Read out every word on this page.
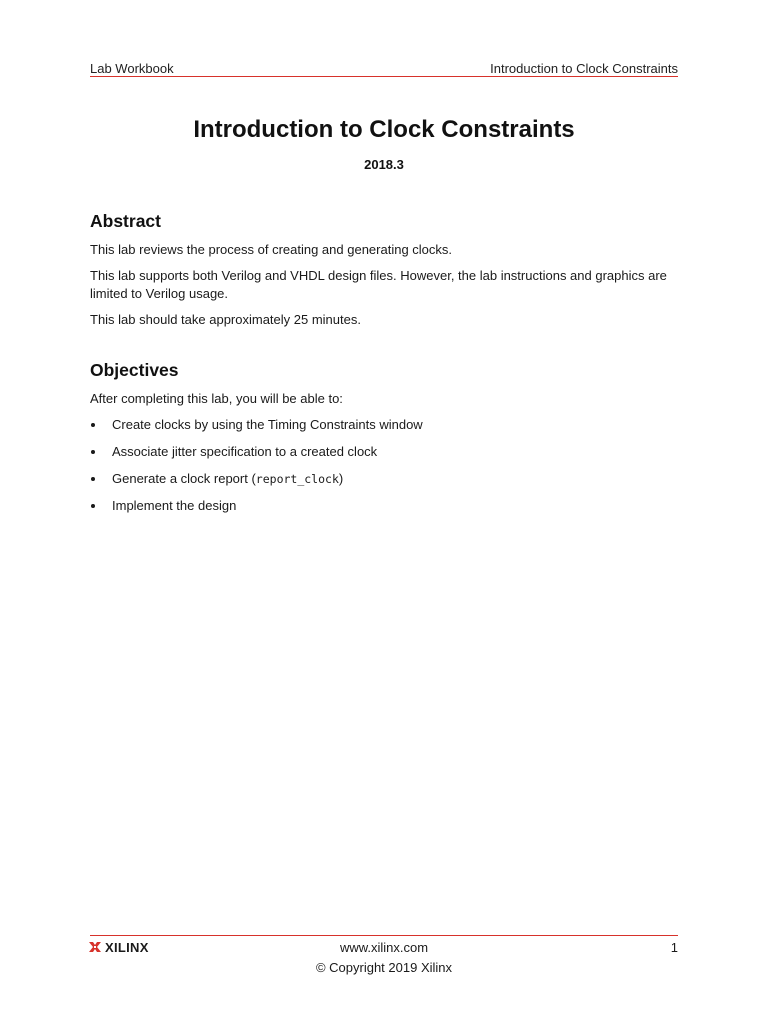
Lab Workbook	Introduction to Clock Constraints
Introduction to Clock Constraints
2018.3
Abstract

This lab reviews the process of creating and generating clocks.

This lab supports both Verilog and VHDL design files. However, the lab instructions and graphics are limited to Verilog usage.

This lab should take approximately 25 minutes.

Objectives

After completing this lab, you will be able to:

Create clocks by using the Timing Constraints window
Associate jitter specification to a created clock
Generate a clock report (report_clock)
Implement the design
XILINX	www.xilinx.com	1
© Copyright 2019 Xilinx
